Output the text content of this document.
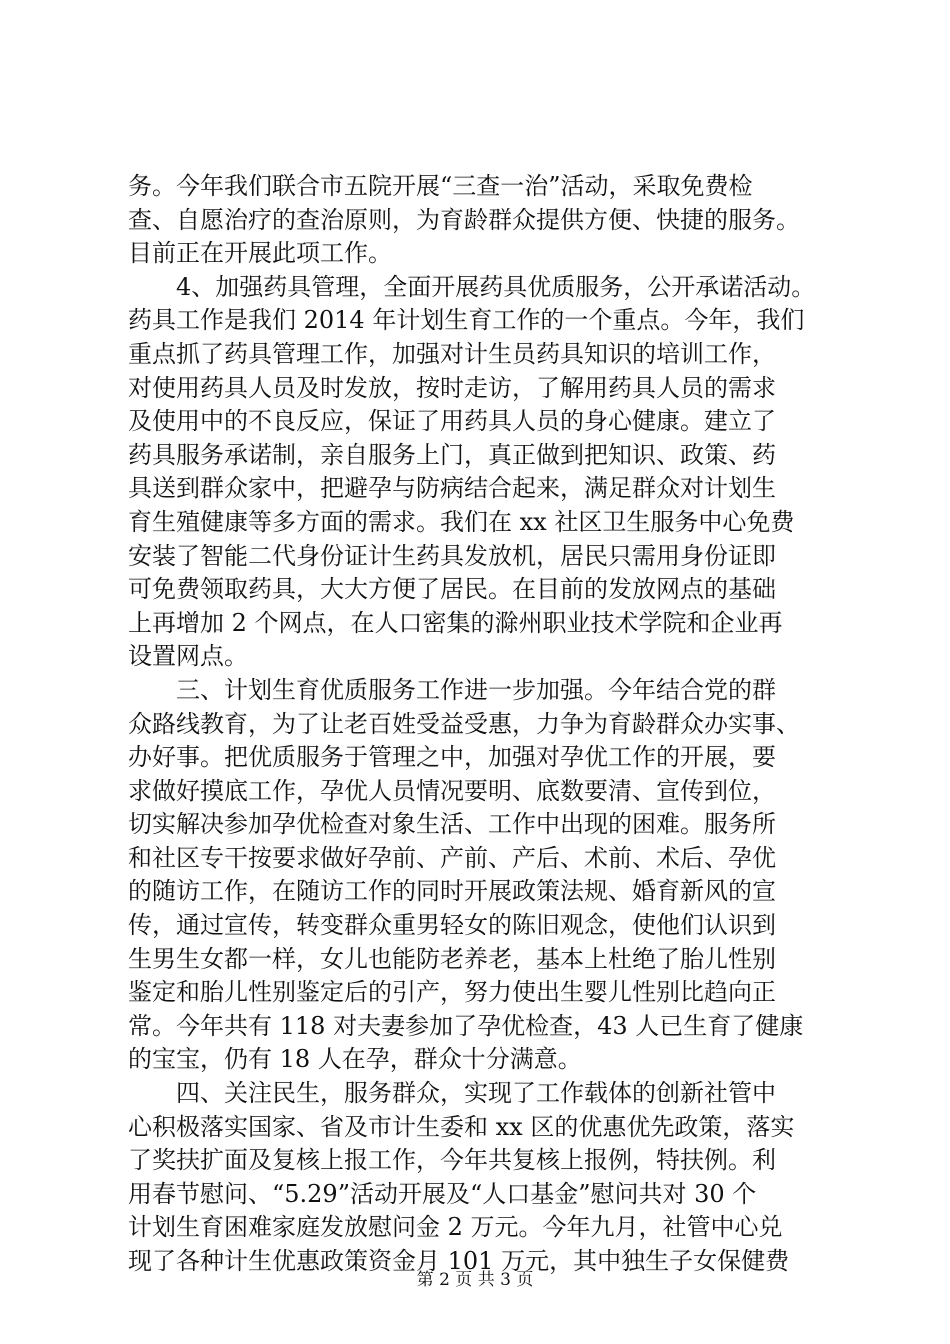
务。今年我们联合市五院开展“三查一治”活动，采取免费检
查、自愿治疗的查治原则，为育龄群众提供方便、快捷的服务。
目前正在开展此项工作。
4、加强药具管理，全面开展药具优质服务，公开承诺活动。
药具工作是我们 2014 年计划生育工作的一个重点。今年，我们
重点抓了药具管理工作，加强对计生员药具知识的培训工作，
对使用药具人员及时发放，按时走访，了解用药具人员的需求
及使用中的不良反应，保证了用药具人员的身心健康。建立了
药具服务承诺制，亲自服务上门，真正做到把知识、政策、药
具送到群众家中，把避孕与防病结合起来，满足群众对计划生
育生殖健康等多方面的需求。我们在 xx 社区卫生服务中心免费
安装了智能二代身份证计生药具发放机，居民只需用身份证即
可免费领取药具，大大方便了居民。在目前的发放网点的基础
上再增加 2 个网点，在人口密集的滁州职业技术学院和企业再
设置网点。
三、计划生育优质服务工作进一步加强。今年结合党的群
众路线教育，为了让老百姓受益受惠，力争为育龄群众办实事、
办好事。把优质服务于管理之中，加强对孕优工作的开展，要
求做好摸底工作，孕优人员情况要明、底数要清、宣传到位，
切实解决参加孕优检查对象生活、工作中出现的困难。服务所
和社区专干按要求做好孕前、产前、产后、术前、术后、孕优
的随访工作，在随访工作的同时开展政策法规、婚育新风的宣
传，通过宣传，转变群众重男轻女的陈旧观念，使他们认识到
生男生女都一样，女儿也能防老养老，基本上杜绝了胎儿性别
鉴定和胎儿性别鉴定后的引产，努力使出生婴儿性别比趋向正
常。今年共有 118 对夫妻参加了孕优检查，43 人已生育了健康
的宝宝，仍有 18 人在孕，群众十分满意。
四、关注民生，服务群众，实现了工作载体的创新社管中
心积极落实国家、省及市计生委和 xx 区的优惠优先政策，落实
了奖扶扩面及复核上报工作，今年共复核上报例，特扶例。利
用春节慰问、“5.29”活动开展及“人口基金”慰问共对 30 个
计划生育困难家庭发放慰问金 2 万元。今年九月，社管中心兑
现了各种计生优惠政策资金月 101 万元，其中独生子女保健费
第 2 页 共 3 页
